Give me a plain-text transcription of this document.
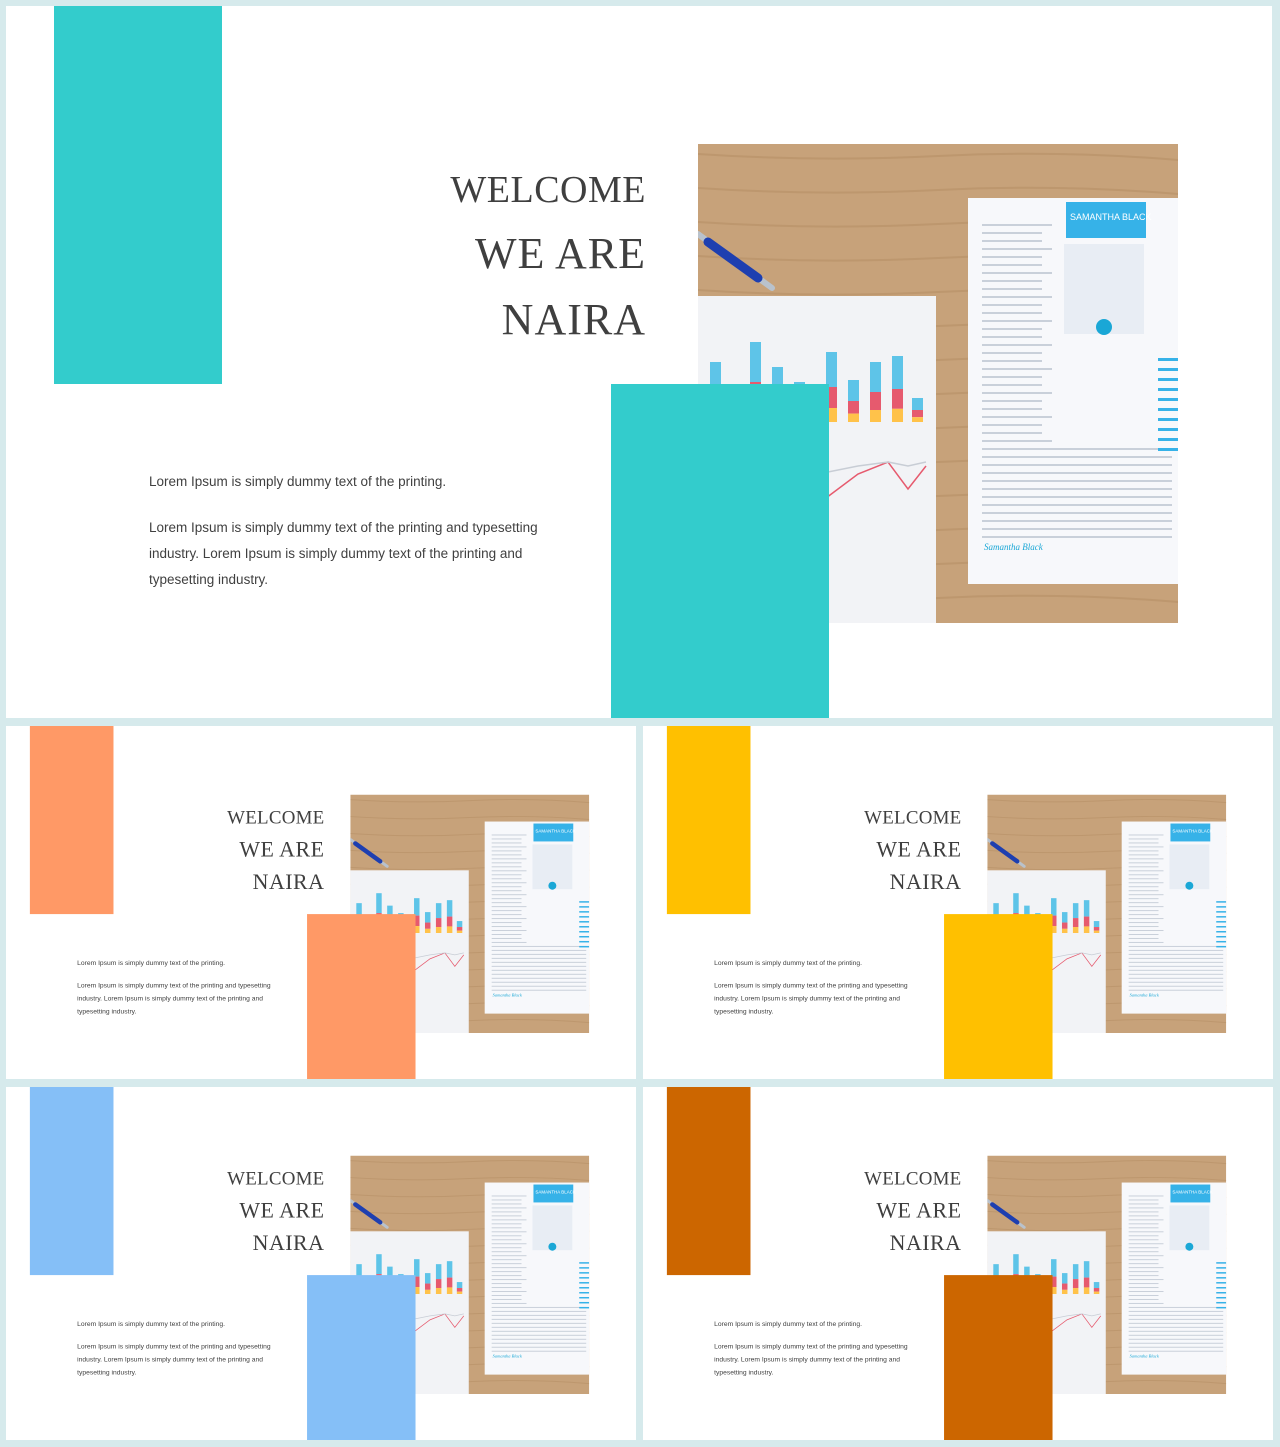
WELCOME
WE ARE
NAIRA

Lorem Ipsum is simply dummy text of the printing.

Lorem Ipsum is simply dummy text of the printing and typesetting industry. Lorem Ipsum is simply dummy text of the printing and typesetting industry.

SAMANTHA BLACK
Samantha Black
WELCOME
WE ARE
NAIRA

Lorem Ipsum is simply dummy text of the printing.

Lorem Ipsum is simply dummy text of the printing and typesetting industry. Lorem Ipsum is simply dummy text of the printing and typesetting industry.

SAMANTHA BLACK
Samantha Black
WELCOME
WE ARE
NAIRA

Lorem Ipsum is simply dummy text of the printing.

Lorem Ipsum is simply dummy text of the printing and typesetting industry. Lorem Ipsum is simply dummy text of the printing and typesetting industry.

SAMANTHA BLACK
Samantha Black
WELCOME
WE ARE
NAIRA

Lorem Ipsum is simply dummy text of the printing.

Lorem Ipsum is simply dummy text of the printing and typesetting industry. Lorem Ipsum is simply dummy text of the printing and typesetting industry.

SAMANTHA BLACK
Samantha Black
WELCOME
WE ARE
NAIRA

Lorem Ipsum is simply dummy text of the printing.

Lorem Ipsum is simply dummy text of the printing and typesetting industry. Lorem Ipsum is simply dummy text of the printing and typesetting industry.

SAMANTHA BLACK
Samantha Black
